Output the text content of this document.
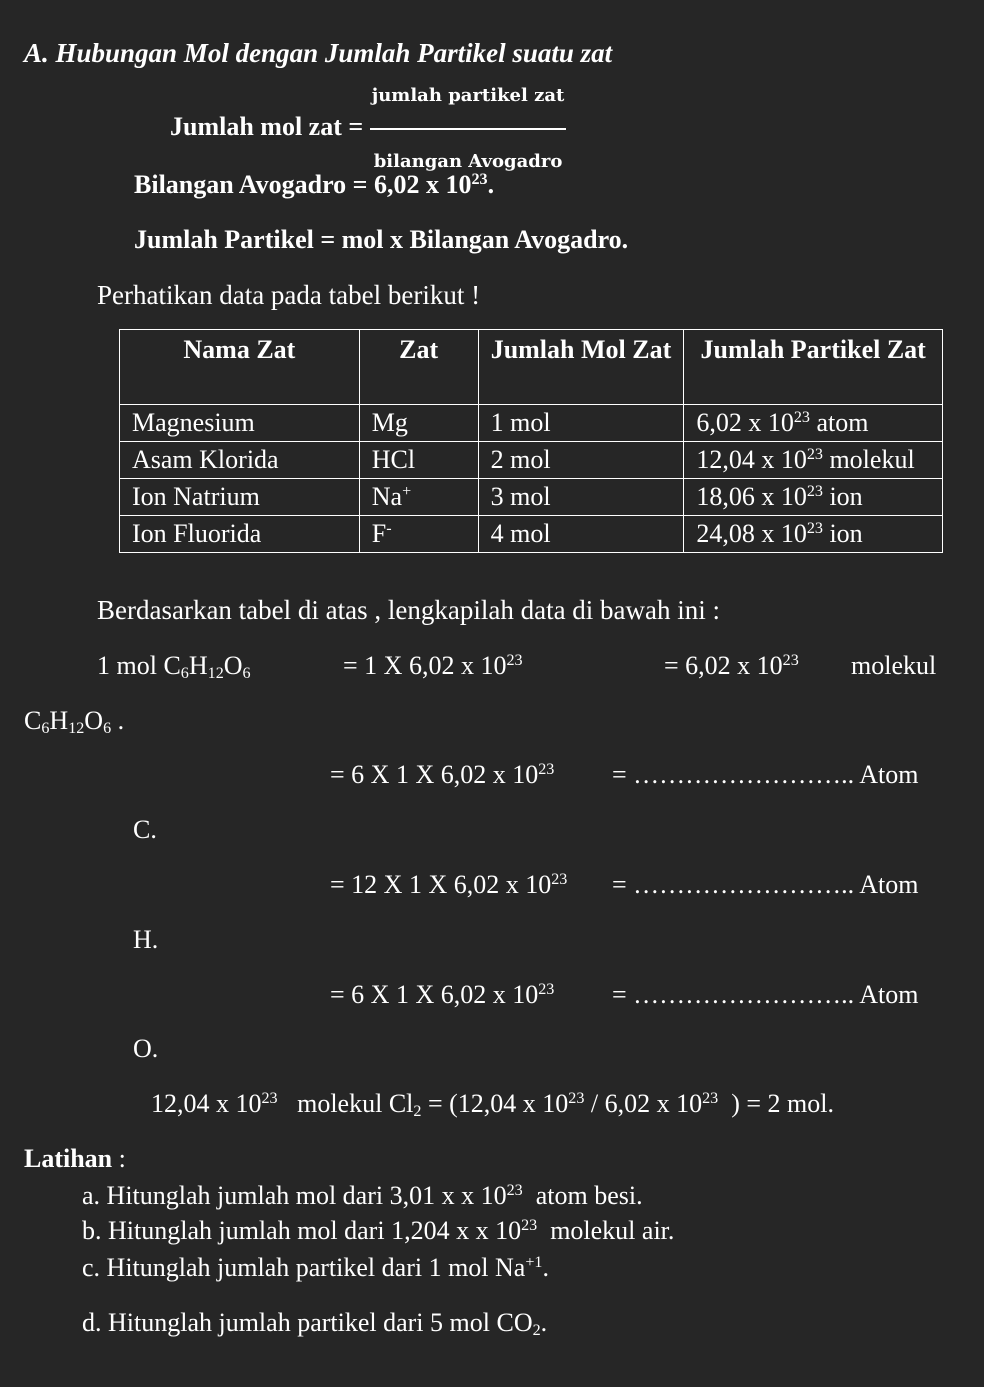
A. Hubungan Mol dengan Jumlah Partikel suatu zat
Jumlah mol zat = $\frac{\text{jumlah partikel zat}}{\text{bilangan Avogadro}}$
Bilangan Avogadro = 6,02 x $10^{23}$.
Jumlah Partikel = mol x Bilangan Avogadro.
Perhatikan data pada tabel berikut !
Nama Zat	Zat	Jumlah Mol Zat	Jumlah Partikel Zat
Magnesium	Mg	1 mol	6,02 x $10^{23}$ atom
Asam Klorida	HCl	2 mol	12,04 x $10^{23}$ molekul
Ion Natrium	Na+	3 mol	18,06 x $10^{23}$ ion
Ion Fluorida	F-	4 mol	24,08 x $10^{23}$ ion
Berdasarkan tabel di atas , lengkapilah data di bawah ini :
1 mol $C_6H_{12}O_6$	= 1 X 6,02 x $10^{23}$	= 6,02 x $10^{23}$ molekul
$C_6H_{12}O_6$ .
= 6 X 1 X 6,02 x $10^{23}$ = …………………….. Atom
C.
= 12 X 1 X 6,02 x $10^{23}$ = …………………….. Atom
H.
= 6 X 1 X 6,02 x $10^{23}$ = …………………….. Atom
O.
12,04 x $10^{23}$ molekul $Cl_2 = (12,04$ x $10^{23} / 6,02$ x $10^{23}$ ) = 2 mol.
Latihan :
a. Hitunglah jumlah mol dari 3,01 x x $10^{23}$ atom besi.
b. Hitunglah jumlah mol dari 1,204 x x $10^{23}$ molekul air.
c. Hitunglah jumlah partikel dari 1 mol $Na^{+1}$.
d. Hitunglah jumlah partikel dari 5 mol $CO_2$.
